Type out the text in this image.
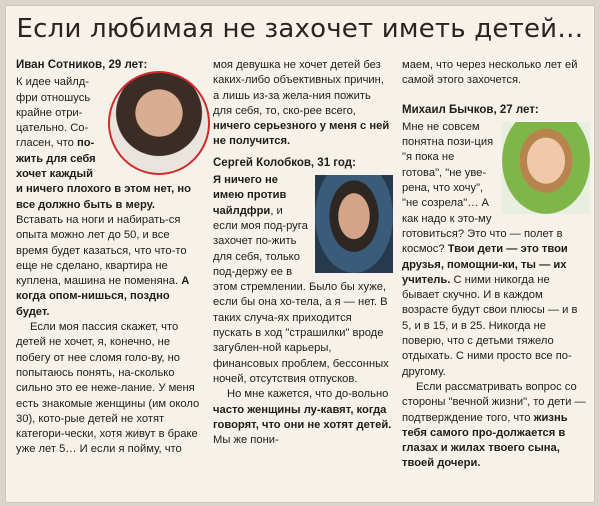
Если любимая не захочет иметь детей…
Иван Сотников, 29 лет:

К идее чайлд-фри отношусь крайне отри-цательно. Со-гласен, что по-жить для себя хочет каждый и ничего плохого в этом нет, но все должно быть в меру. Вставать на ноги и набирать-ся опыта можно лет до 50, и все время будет казаться, что что-то еще не сделано, квартира не куплена, машина не поменяна. А когда опом-нишься, поздно будет.

Если моя пассия скажет, что детей не хочет, я, конечно, не побегу от нее сломя голо-ву, но попытаюсь понять, на-сколько сильно это ее нежe-лание. У меня есть знакомые женщины (им около 30), кото-рые детей не хотят категори-чески, хотя живут в браке уже лет 5… И если я пойму, что

моя девушка не хочет детей без каких-либо объективных причин, а лишь из-за жела-ния пожить для себя, то, ско-рее всего, ничего серьезного у меня с ней не получится.

Сергей Колобков, 31 год:

Я ничего не имею против чайлдфри, и если моя под-руга захочет по-жить для себя, только под-держу ее в этом стремлении. Было бы хуже, если бы она хо-тела, а я — нет. В таких случа-ях приходится пускать в ход "страшилки" вроде загублен-ной карьеры, финансовых проблем, бессонных ночей, отсутствия отпусков.

Но мне кажется, что до-вольно часто женщины лу-кавят, когда говорят, что они не хотят детей. Мы же пони-

маем, что через несколько лет ей самой этого захочется.

Михаил Бычков, 27 лет:

Мне не совсем понятна пози-ция "я пока не готова", "не уве-рена, что хочу", "не созрела"… А как надо к это-му готовиться? Это что — полет в космос? Твои дети — это твои друзья, помощни-ки, ты — их учитель. С ними никогда не бывает скучно. И в каждом возрасте будут свои плюсы — и в 5, и в 15, и в 25. Никогда не поверю, что с детьми тяжело отдыхать. С ними просто все по-другому.

Если рассматривать вопрос со стороны "вечной жизни", то дети — подтверждение того, что жизнь тебя самого про-должается в глазах и жилах твоего сына, твоей дочери.
